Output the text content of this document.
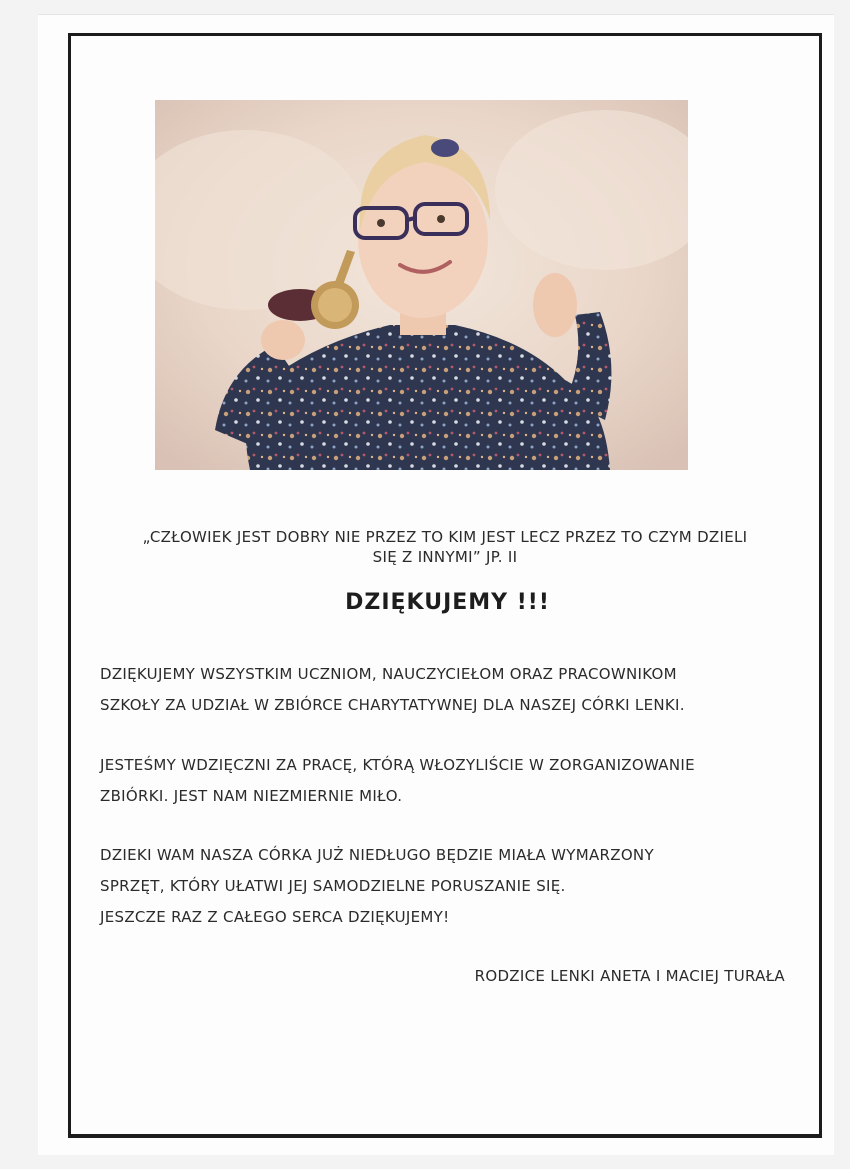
„CZŁOWIEK JEST DOBRY NIE PRZEZ TO KIM JEST LECZ PRZEZ TO CZYM DZIELI
SIĘ Z INNYMI” JP. II
DZIĘKUJEMY !!!
DZIĘKUJEMY WSZYSTKIM UCZNIOM, NAUCZYCIEŁOM ORAZ PRACOWNIKOM
SZKOŁY ZA UDZIAŁ W ZBIÓRCE CHARYTATYWNEJ DLA NASZEJ CÓRKI LENKI.
JESTEŚMY WDZIĘCZNI ZA PRACĘ, KTÓRĄ WŁOZYLIŚCIE W ZORGANIZOWANIE
ZBIÓRKI. JEST NAM NIEZMIERNIE MIŁO.
DZIEKI WAM NASZA CÓRKA JUŻ NIEDŁUGO BĘDZIE MIAŁA WYMARZONY
SPRZĘT, KTÓRY UŁATWI JEJ SAMODZIELNE PORUSZANIE SIĘ.
JESZCZE RAZ Z CAŁEGO SERCA DZIĘKUJEMY!
RODZICE LENKI ANETA I MACIEJ TURAŁA
